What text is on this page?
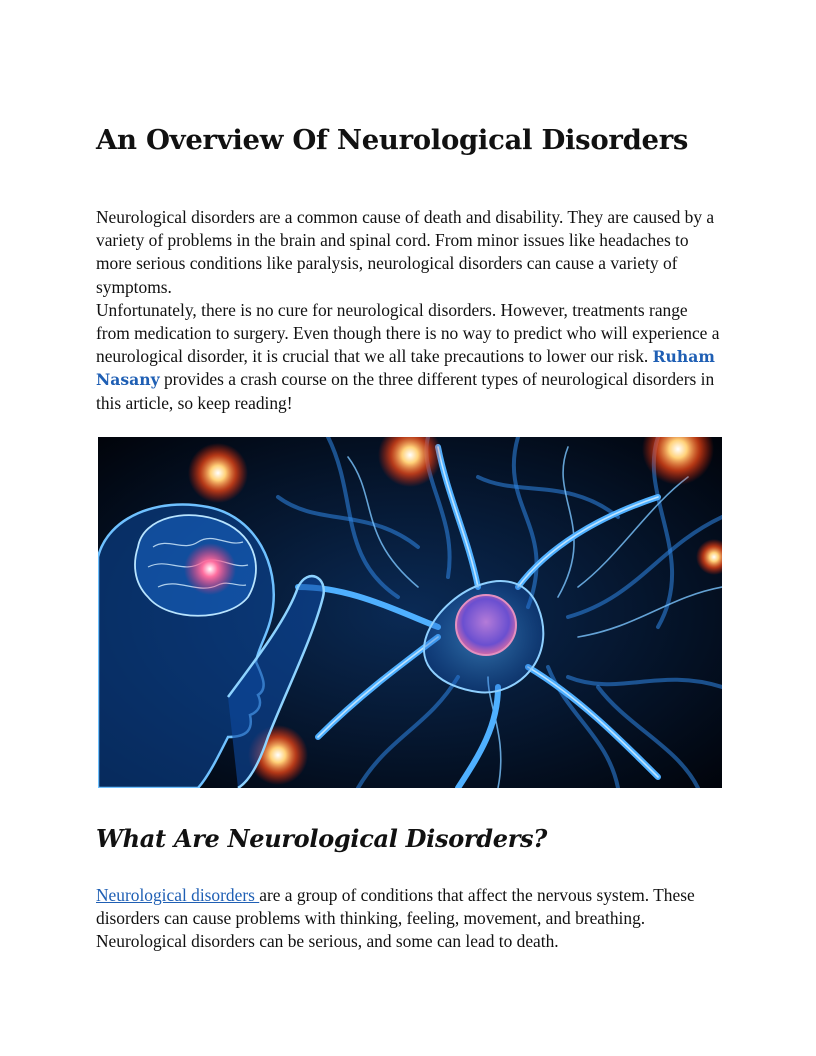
An Overview Of Neurological Disorders

Neurological disorders are a common cause of death and disability. They are caused by a variety of problems in the brain and spinal cord. From minor issues like headaches to more serious conditions like paralysis, neurological disorders can cause a variety of symptoms.

Unfortunately, there is no cure for neurological disorders. However, treatments range from medication to surgery. Even though there is no way to predict who will experience a neurological disorder, it is crucial that we all take precautions to lower our risk. Ruham Nasany provides a crash course on the three different types of neurological disorders in this article, so keep reading!

What Are Neurological Disorders?

Neurological disorders are a group of conditions that affect the nervous system. These disorders can cause problems with thinking, feeling, movement, and breathing. Neurological disorders can be serious, and some can lead to death.
